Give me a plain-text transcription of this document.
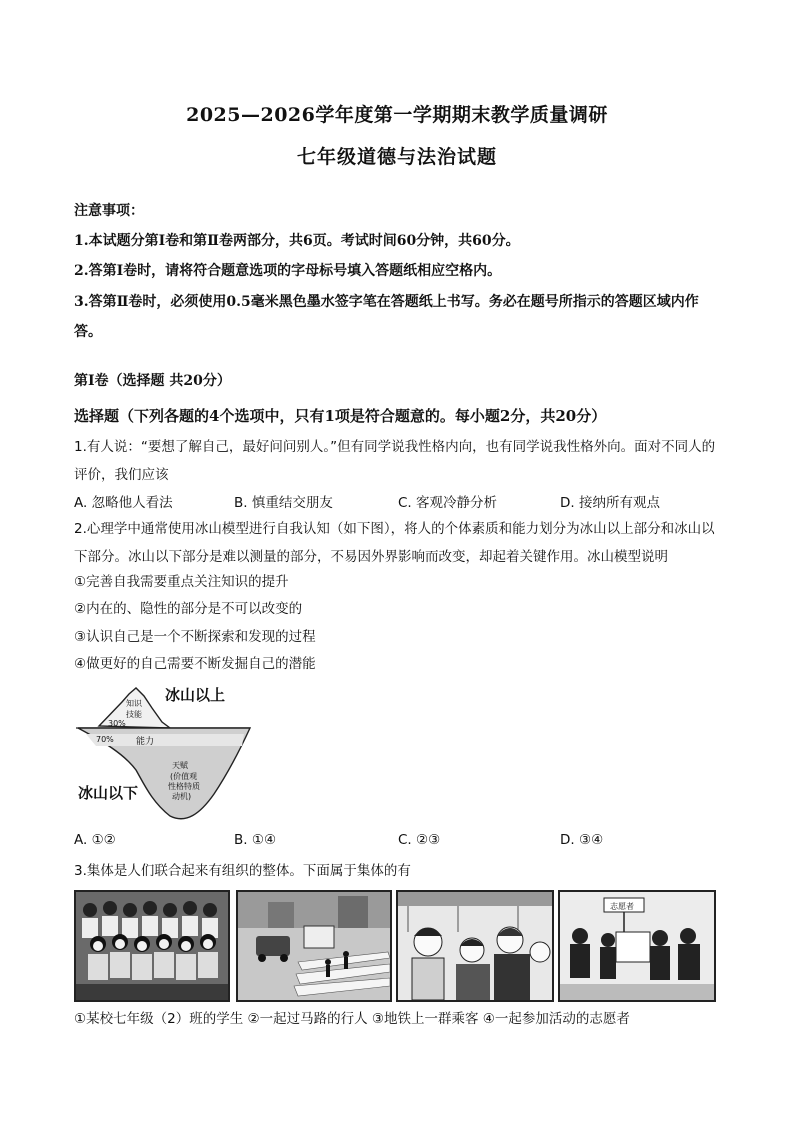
2025—2026学年度第一学期期末教学质量调研
七年级道德与法治试题
注意事项：
1.本试题分第Ⅰ卷和第Ⅱ卷两部分，共6页。考试时间60分钟，共60分。
2.答第Ⅰ卷时，请将符合题意选项的字母标号填入答题纸相应空格内。
3.答第Ⅱ卷时，必须使用0.5毫米黑色墨水签字笔在答题纸上书写。务必在题号所指示的答题区域内作答。
第Ⅰ卷（选择题 共20分）
选择题（下列各题的4个选项中，只有1项是符合题意的。每小题2分，共20分）
1.有人说：“要想了解自己，最好问问别人。”但有同学说我性格内向，也有同学说我性格外向。面对不同人的评价，我们应该
A. 忽略他人看法	B. 慎重结交朋友	C. 客观冷静分析	D. 接纳所有观点
2.心理学中通常使用冰山模型进行自我认知（如下图），将人的个体素质和能力划分为冰山以上部分和冰山以下部分。冰山以下部分是难以测量的部分，不易因外界影响而改变，却起着关键作用。冰山模型说明
①完善自我需要重点关注知识的提升
②内在的、隐性的部分是不可以改变的
③认识自己是一个不断探索和发现的过程
④做更好的自己需要不断发掘自己的潜能
知识
技能
30%
70% 能力
天赋
(价值观
性格特质
动机)
冰山以上
冰山以下
A. ①②	B. ①④	C. ②③	D. ③④
3.集体是人们联合起来有组织的整体。下面属于集体的有
志愿者
①某校七年级（2）班的学生 ②一起过马路的行人 ③地铁上一群乘客 ④一起参加活动的志愿者
